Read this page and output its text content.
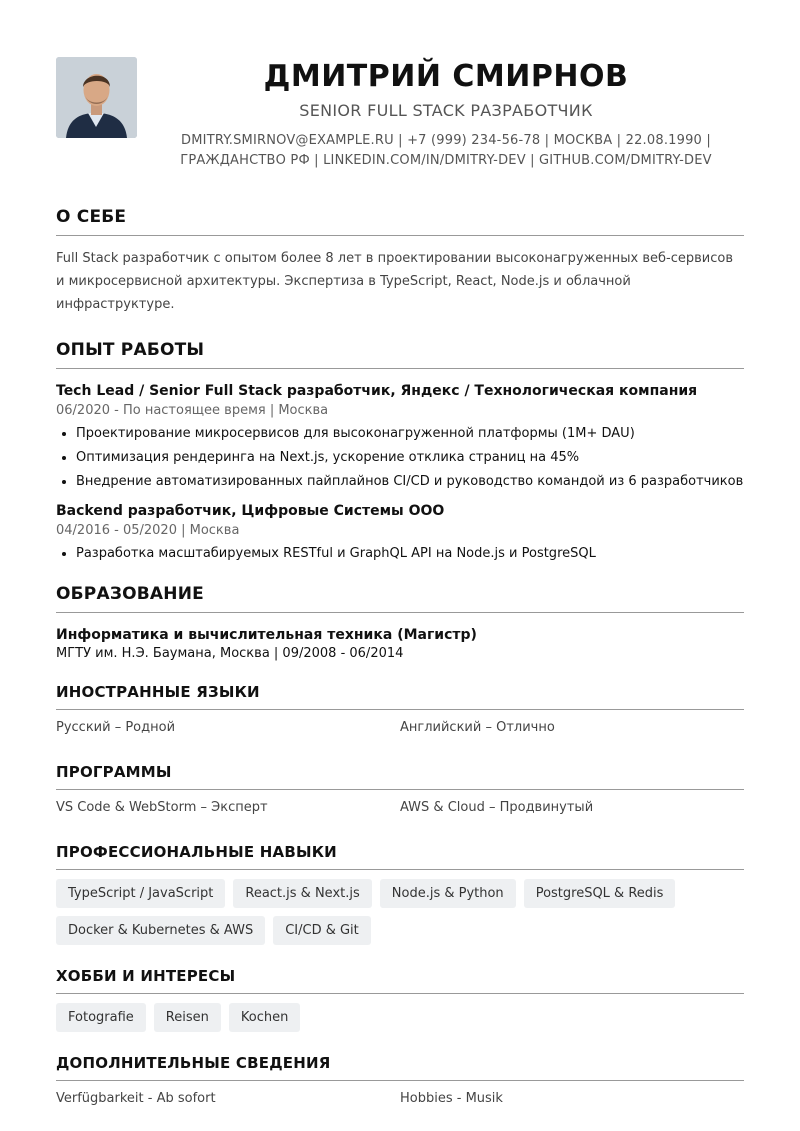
ДМИТРИЙ СМИРНОВ
SENIOR FULL STACK РАЗРАБОТЧИК
DMITRY.SMIRNOV@EXAMPLE.RU | +7 (999) 234-56-78 | МОСКВА | 22.08.1990 |
ГРАЖДАНСТВО РФ | LINKEDIN.COM/IN/DMITRY-DEV | GITHUB.COM/DMITRY-DEV
О СЕБЕ
Full Stack разработчик с опытом более 8 лет в проектировании высоконагруженных веб-сервисов и микросервисной архитектуры. Экспертиза в TypeScript, React, Node.js и облачной инфраструктуре.
ОПЫТ РАБОТЫ
Tech Lead / Senior Full Stack разработчик, Яндекс / Технологическая компания
06/2020 - По настоящее время | Москва
• Проектирование микросервисов для высоконагруженной платформы (1M+ DAU)
• Оптимизация рендеринга на Next.js, ускорение отклика страниц на 45%
• Внедрение автоматизированных пайплайнов CI/CD и руководство командой из 6 разработчиков
Backend разработчик, Цифровые Системы ООО
04/2016 - 05/2020 | Москва
• Разработка масштабируемых RESTful и GraphQL API на Node.js и PostgreSQL
ОБРАЗОВАНИЕ
Информатика и вычислительная техника (Магистр)
МГТУ им. Н.Э. Баумана, Москва | 09/2008 - 06/2014
ИНОСТРАННЫЕ ЯЗЫКИ
Русский – Родной	Английский – Отлично
ПРОГРАММЫ
VS Code & WebStorm – Эксперт	AWS & Cloud – Продвинутый
ПРОФЕССИОНАЛЬНЫЕ НАВЫКИ
TypeScript / JavaScript	React.js & Next.js	Node.js & Python	PostgreSQL & Redis
Docker & Kubernetes & AWS	CI/CD & Git
ХОББИ И ИНТЕРЕСЫ
Fotografie	Reisen	Kochen
ДОПОЛНИТЕЛЬНЫЕ СВЕДЕНИЯ
Verfügbarkeit - Ab sofort	Hobbies - Musik
